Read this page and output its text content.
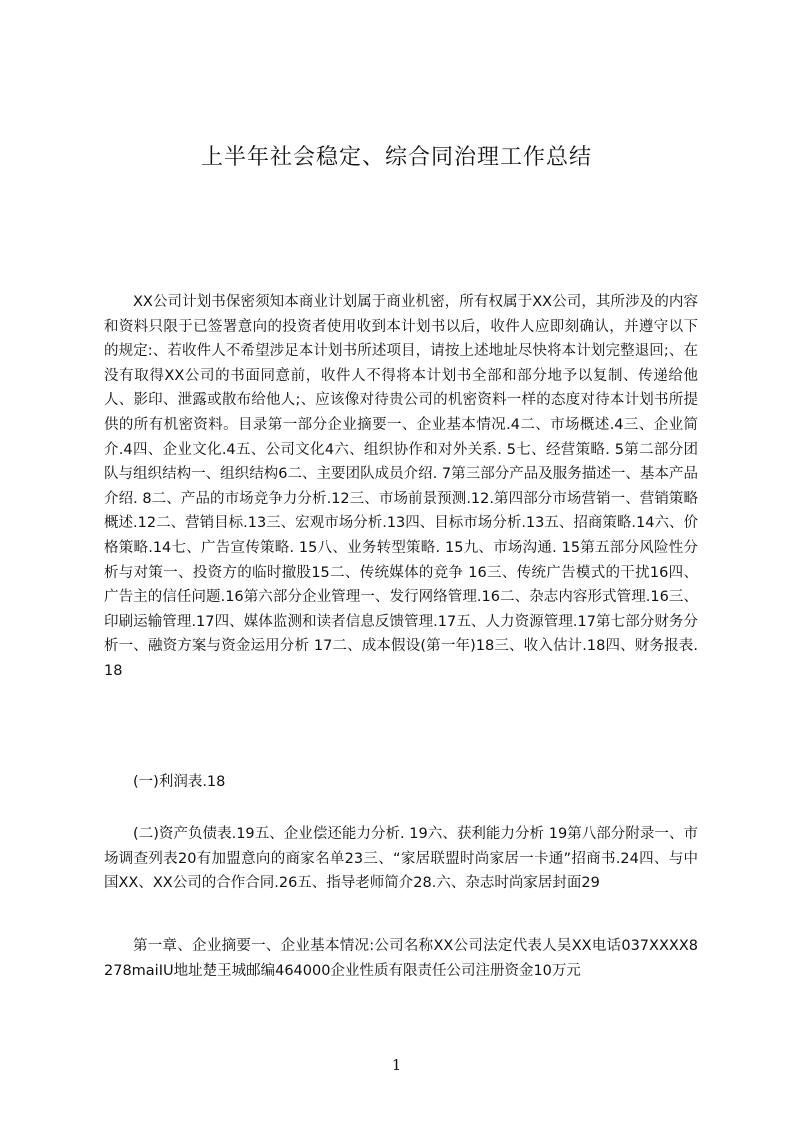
上半年社会稳定、综合同治理工作总结

XX公司计划书保密须知本商业计划属于商业机密，所有权属于XX公司，其所涉及的内容和资料只限于已签署意向的投资者使用收到本计划书以后，收件人应即刻确认，并遵守以下的规定:、若收件人不希望涉足本计划书所述项目，请按上述地址尽快将本计划完整退回;、在没有取得XX公司的书面同意前，收件人不得将本计划书全部和部分地予以复制、传递给他人、影印、泄露或散布给他人;、应该像对待贵公司的机密资料一样的态度对待本计划书所提供的所有机密资料。目录第一部分企业摘要一、企业基本情况.4二、市场概述.4三、企业简介.4四、企业文化.4五、公司文化4六、组织协作和对外关系. 5七、经营策略. 5第二部分团队与组织结构一、组织结构6二、主要团队成员介绍. 7第三部分产品及服务描述一、基本产品介绍. 8二、产品的市场竞争力分析.12三、市场前景预测.12.第四部分市场营销一、营销策略概述.12二、营销目标.13三、宏观市场分析.13四、目标市场分析.13五、招商策略.14六、价格策略.14七、广告宣传策略. 15八、业务转型策略. 15九、市场沟通. 15第五部分风险性分析与对策一、投资方的临时撤股15二、传统媒体的竞争 16三、传统广告模式的干扰16四、广告主的信任问题.16第六部分企业管理一、发行网络管理.16二、杂志内容形式管理.16三、印刷运输管理.17四、媒体监测和读者信息反馈管理.17五、人力资源管理.17第七部分财务分析一、融资方案与资金运用分析 17二、成本假设(第一年)18三、收入估计.18四、财务报表.18

(一)利润表.18

(二)资产负债表.19五、企业偿还能力分析. 19六、获利能力分析 19第八部分附录一、市场调查列表20有加盟意向的商家名单23三、“家居联盟时尚家居一卡通”招商书.24四、与中国XX、XX公司的合作合同.26五、指导老师简介28.六、杂志时尚家居封面29

第一章、企业摘要一、企业基本情况:公司名称XX公司法定代表人吴XX电话037XXXX8278maiIU地址楚王城邮编464000企业性质有限责任公司注册资金10万元

1
